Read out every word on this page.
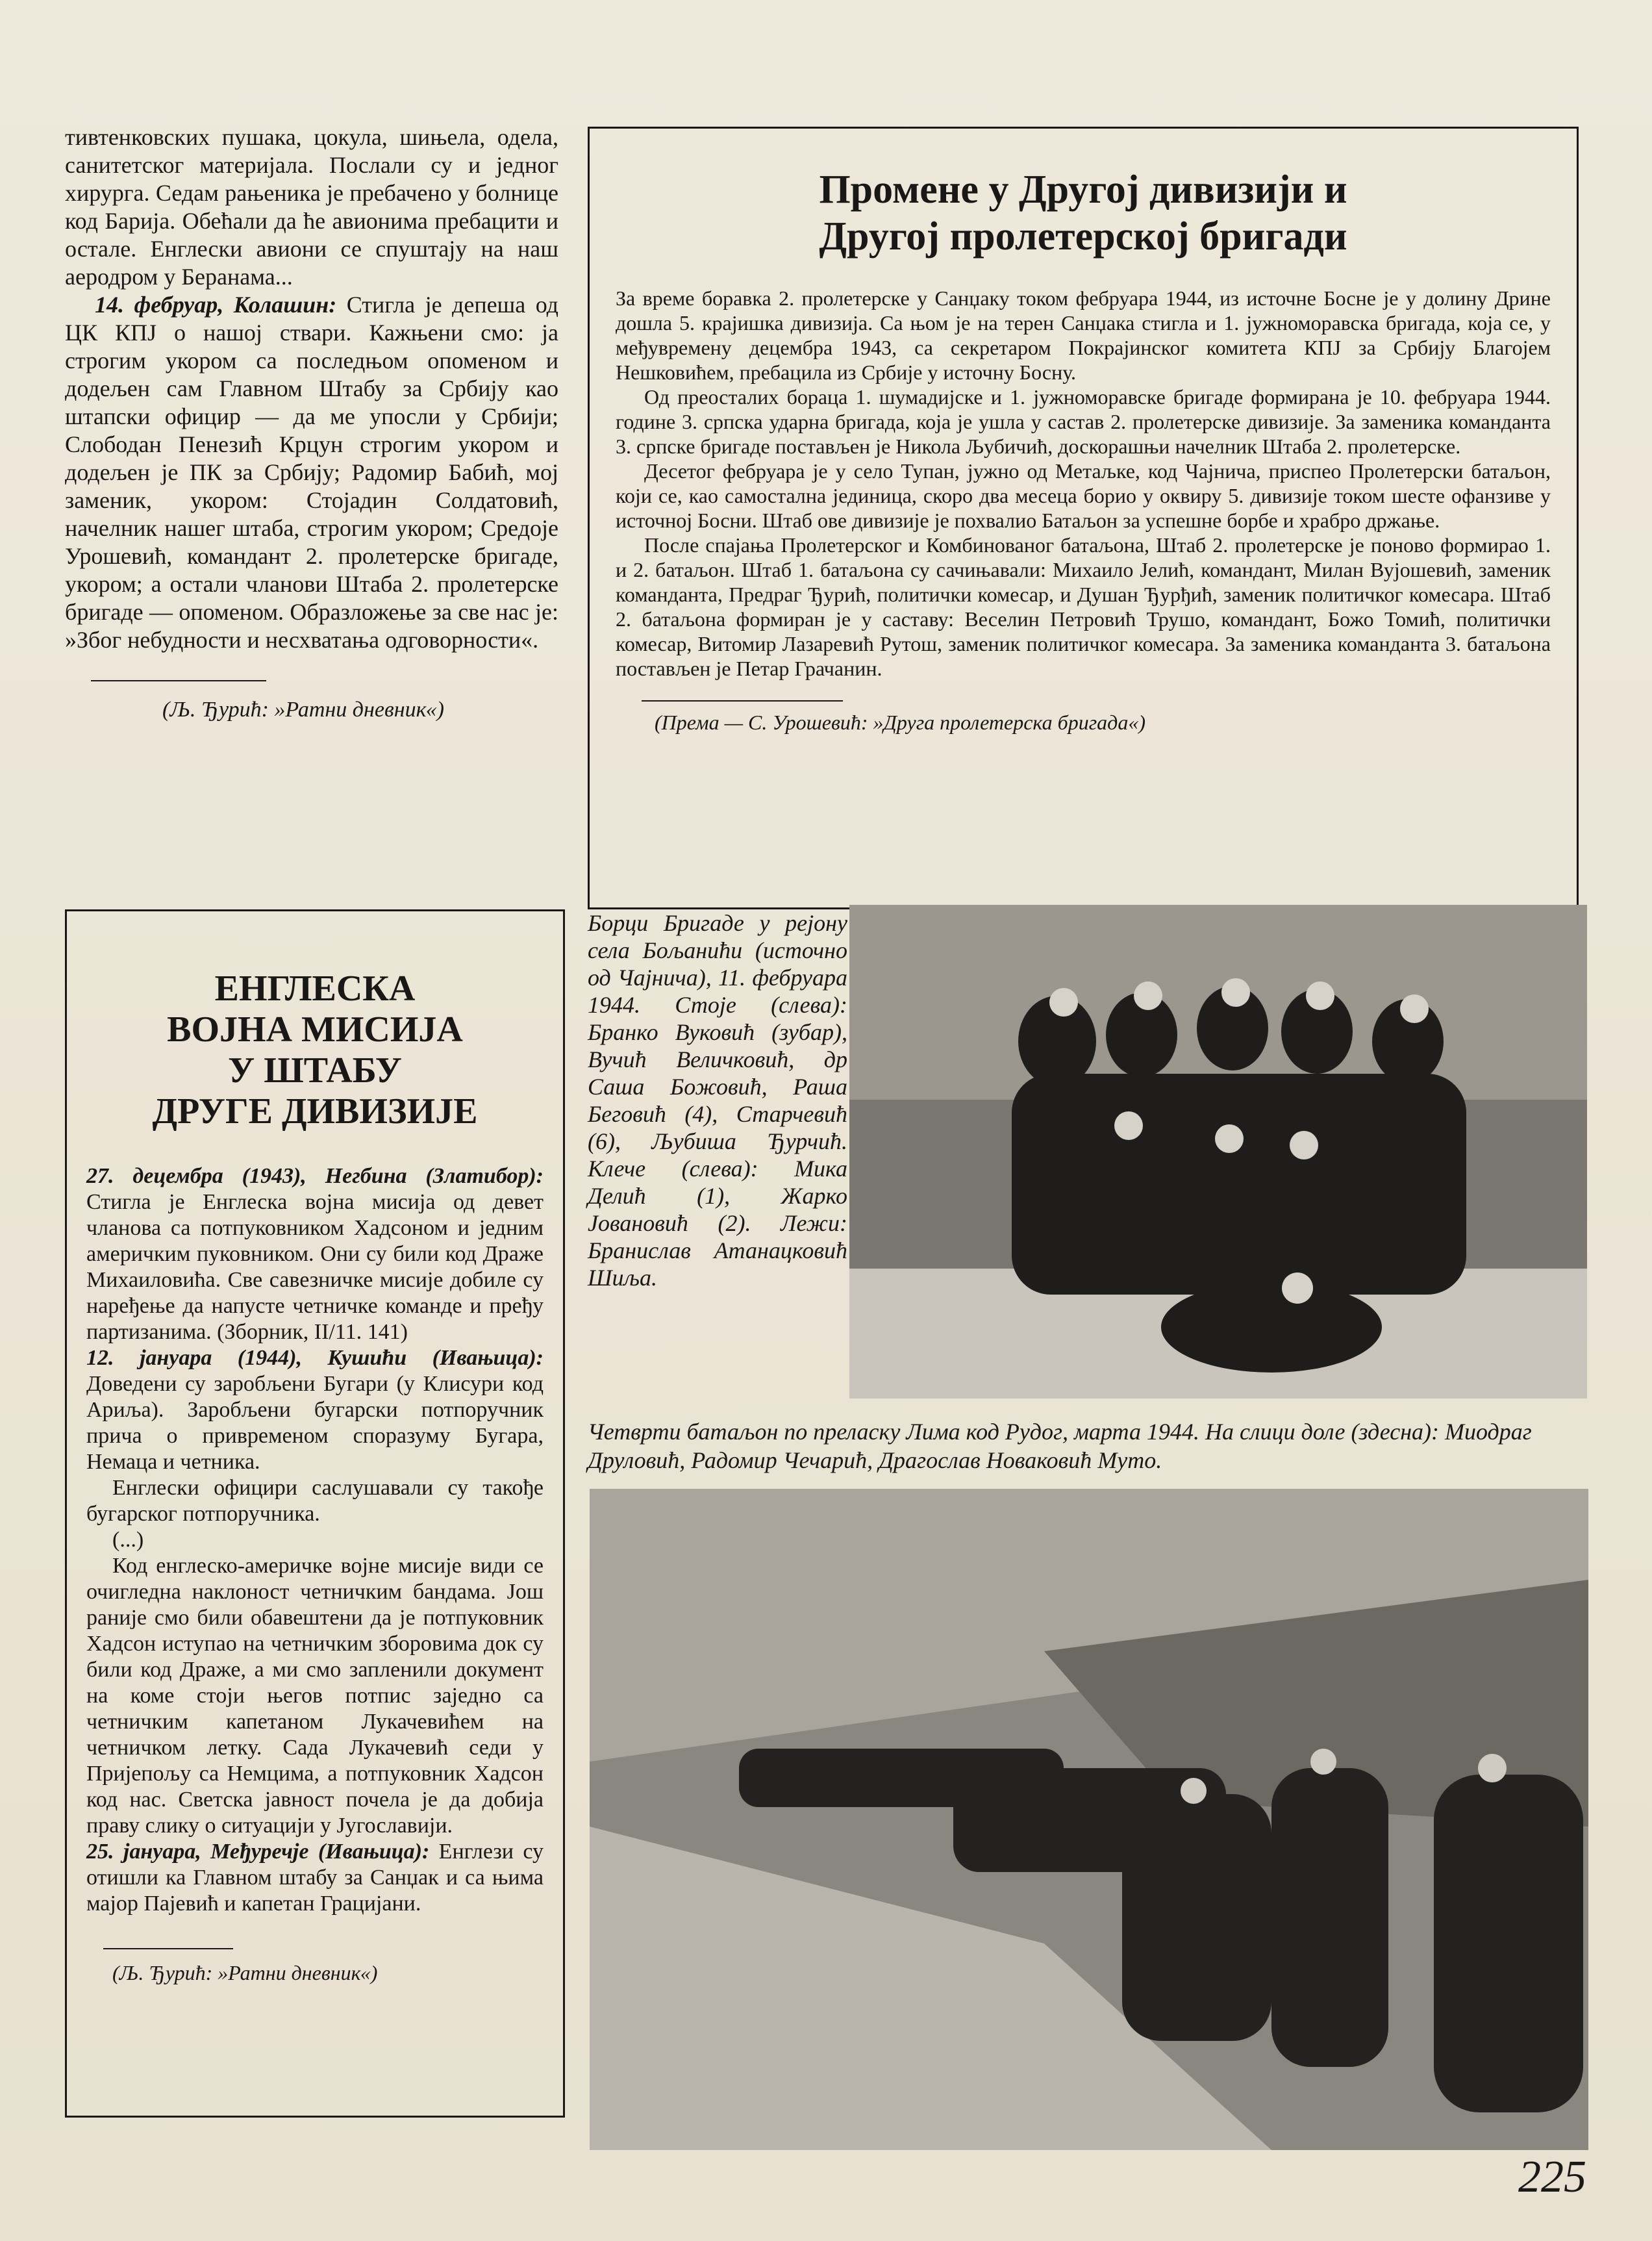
тивтенковских пушака, цокула, шињела, одела, санитетског материјала. Послали су и једног хирурга. Седам рањеника је пребачено у болнице код Барија. Обећали да ће авионима пребацити и остале. Енглески авиони се спуштају на наш аеродром у Беранама...

14. фебруар, Колашин: Стигла је депеша од ЦК КПЈ о нашој ствари. Кажњени смо: ја строгим укором са последњом опоменом и додељен сам Главном Штабу за Србију као штапски официр — да ме упосли у Србији; Слободан Пенезић Крцун строгим укором и додељен је ПК за Србију; Радомир Бабић, мој заменик, укором: Стојадин Солдатовић, начелник нашег штаба, строгим укором; Средоје Урошевић, командант 2. пролетерске бригаде, укором; а остали чланови Штаба 2. пролетерске бригаде — опоменом. Образложење за све нас је: »Због небудности и несхватања одговорности«.

(Љ. Ђурић: »Ратни дневник«)

Промене у Другој дивизији и
Другој пролетерској бригади

За време боравка 2. пролетерске у Санџаку током фебруара 1944, из источне Босне је у долину Дрине дошла 5. крајишка дивизија. Са њом је на терен Санџака стигла и 1. јужноморавска бригада, која се, у међувремену децембра 1943, са секретаром Покрајинског комитета КПЈ за Србију Благојем Нешковићем, пребацила из Србије у источну Босну.

Од преосталих бораца 1. шумадијске и 1. јужноморавске бригаде формирана је 10. фебруара 1944. године 3. српска ударна бригада, која је ушла у састав 2. пролетерске дивизије. За заменика команданта 3. српске бригаде постављен је Никола Љубичић, доскорашњи начелник Штаба 2. пролетерске.

Десетог фебруара је у село Тупан, јужно од Метаљке, код Чајнича, приспео Пролетерски батаљон, који се, као самостална јединица, скоро два месеца борио у оквиру 5. дивизије током шесте офанзиве у источној Босни. Штаб ове дивизије је похвалио Батаљон за успешне борбе и храбро држање.

После спајања Пролетерског и Комбинованог батаљона, Штаб 2. пролетерске је поново формирао 1. и 2. батаљон. Штаб 1. батаљона су сачињавали: Михаило Јелић, командант, Милан Вујошевић, заменик команданта, Предраг Ђурић, политички комесар, и Душан Ђурђић, заменик политичког комесара. Штаб 2. батаљона формиран је у саставу: Веселин Петровић Трушо, командант, Божо Томић, политички комесар, Витомир Лазаревић Рутош, заменик политичког комесара. За заменика команданта 3. батаљона постављен је Петар Грачанин.

(Према — С. Урошевић: »Друга пролетерска бригада«)

ЕНГЛЕСКА
ВОЈНА МИСИЈА
У ШТАБУ
ДРУГЕ ДИВИЗИЈЕ

27. децембра (1943), Негбина (Златибор): Стигла је Енглеска војна мисија од девет чланова са потпуковником Хадсоном и једним америчким пуковником. Они су били код Драже Михаиловића. Све савезничке мисије добиле су наређење да напусте четничке команде и пређу партизанима. (Зборник, II/11. 141)

12. јануара (1944), Кушићи (Ивањица): Доведени су заробљени Бугари (у Клисури код Ариља). Заробљени бугарски потпоручник прича о привременом споразуму Бугара, Немаца и четника.

Енглески официри саслушавали су такође бугарског потпоручника.

(...)

Код енглеско-америчке војне мисије види се очигледна наклоност четничким бандама. Још раније смо били обавештени да је потпуковник Хадсон иступао на четничким зборовима док су били код Драже, а ми смо запленили документ на коме стоји његов потпис заједно са четничким капетаном Лукачевићем на четничком летку. Сада Лукачевић седи у Пријепољу са Немцима, а потпуковник Хадсон код нас. Светска јавност почела је да добија праву слику о ситуацији у Југославији.

25. јануара, Међуречје (Ивањица): Енглези су отишли ка Главном штабу за Санџак и са њима мајор Пајевић и капетан Грацијани.

(Љ. Ђурић: »Ратни дневник«)

Борци Бригаде у рејону села Бољанићи (источно од Чајнича), 11. фебруара 1944. Стоје (слева): Бранко Вуковић (зубар), Вучић Величковић, др Саша Божовић, Раша Беговић (4), Старчевић (6), Љубиша Ђурчић. Клече (слева): Мика Делић (1), Жарко Јовановић (2). Лежи: Бранислав Атанацковић Шиља.

Четврти батаљон по преласку Лима код Рудог, марта 1944. На слици доле (здесна): Миодраг Друловић, Радомир Чечарић, Драгослав Новаковић Муто.

225
